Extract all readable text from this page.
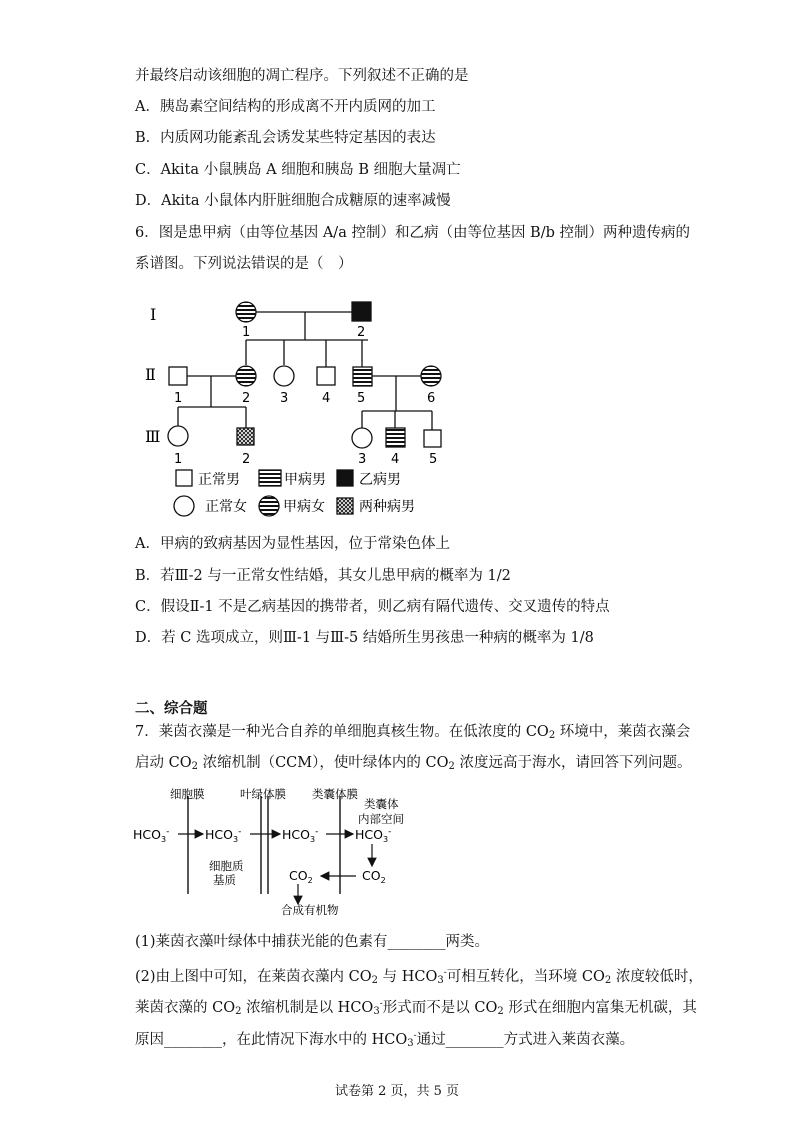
并最终启动该细胞的凋亡程序。下列叙述不正确的是
A．胰岛素空间结构的形成离不开内质网的加工
B．内质网功能紊乱会诱发某些特定基因的表达
C．Akita 小鼠胰岛 A 细胞和胰岛 B 细胞大量凋亡
D．Akita 小鼠体内肝脏细胞合成糖原的速率减慢
6．图是患甲病（由等位基因 A/a 控制）和乙病（由等位基因 B/b 控制）两种遗传病的
系谱图。下列说法错误的是（　）
Ⅰ
Ⅱ
Ⅲ
1	2
1	2 3	4 5	6
1	2	3 4 5
正常男	甲病男 乙病男
正常女	甲病女 两种病男
A．甲病的致病基因为显性基因，位于常染色体上
B．若Ⅲ-2 与一正常女性结婚，其女儿患甲病的概率为 1/2
C．假设Ⅱ-1 不是乙病基因的携带者，则乙病有隔代遗传、交叉遗传的特点
D．若 C 选项成立，则Ⅲ-1 与Ⅲ-5 结婚所生男孩患一种病的概率为 1/8
二、综合题
7．莱茵衣藻是一种光合自养的单细胞真核生物。在低浓度的 $CO_2$ 环境中，莱茵衣藻会
启动 $CO_2$ 浓缩机制（CCM），使叶绿体内的 $CO_2$ 浓度远高于海水，请回答下列问题。
细胞膜	叶绿体膜 类囊体膜
类囊体
内部空间
细胞质
基质
$HCO_3^-$	$HCO_3^-$	$HCO_3^-$	$HCO_3^-$
$CO_2$	$CO_2$
合成有机物
(1)莱茵衣藻叶绿体中捕获光能的色素有________两类。
(2)由上图中可知，在莱茵衣藻内 $CO_2$ 与 $HCO_3^-$可相互转化，当环境 $CO_2$ 浓度较低时，
莱茵衣藻的 $CO_2$ 浓缩机制是以 $HCO_3^-$形式而不是以 $CO_2$ 形式在细胞内富集无机碳，其
原因________，在此情况下海水中的 $HCO_3^-$通过________方式进入莱茵衣藻。
试卷第 2 页，共 5 页
